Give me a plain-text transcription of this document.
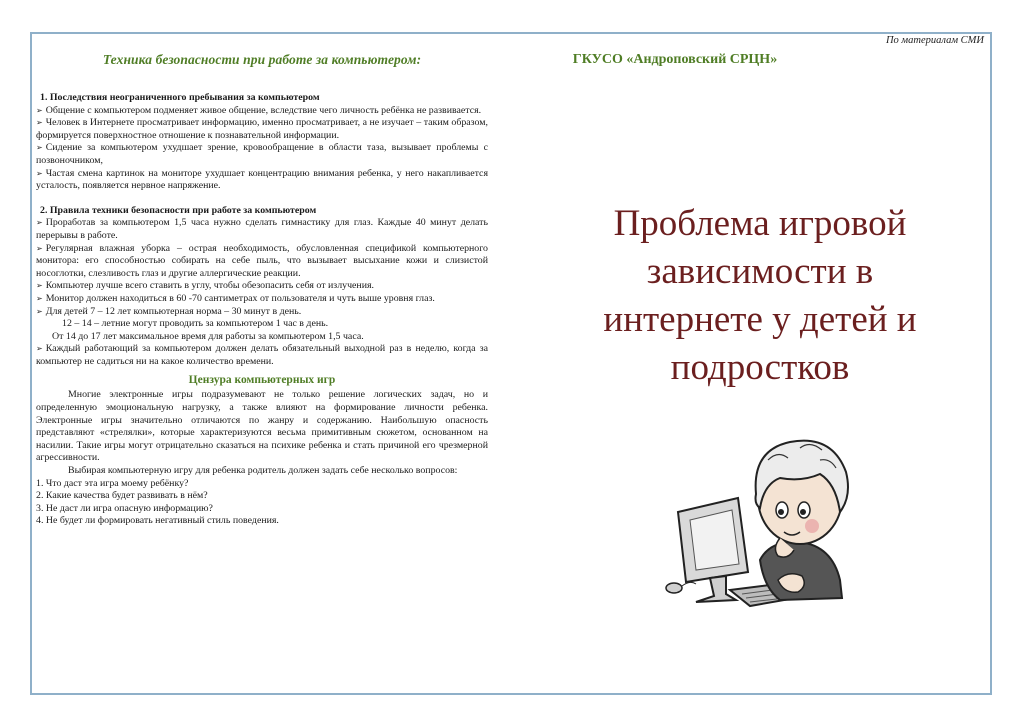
По материалам СМИ
Техника безопасности при работе за компьютером:
1. Последствия неограниченного пребывания за компьютером

➢ Общение с компьютером подменяет живое общение, вследствие чего личность ребёнка не развивается.

➢ Человек в Интернете просматривает информацию, именно просматривает, а не изучает – таким образом, формируется поверхностное отношение к познавательной информации.

➢ Сидение за компьютером ухудшает зрение, кровообращение в области таза, вызывает проблемы с позвоночником,

➢ Частая смена картинок на мониторе ухудшает концентрацию внимания ребенка, у него накапливается усталость, появляется нервное напряжение.

2. Правила техники безопасности при работе за компьютером

➢ Проработав за компьютером 1,5 часа нужно сделать гимнастику для глаз. Каждые 40 минут делать перерывы в работе.

➢ Регулярная влажная уборка – острая необходимость, обусловленная спецификой компьютерного монитора: его способностью собирать на себе пыль, что вызывает высыхание кожи и слизистой носоглотки, слезливость глаз и другие аллергические реакции.

➢ Компьютер лучше всего ставить в углу, чтобы обезопасить себя от излучения.

➢ Монитор должен находиться в 60 -70 сантиметрах от пользователя и чуть выше уровня глаз.

➢ Для детей 7 – 12 лет компьютерная норма – 30 минут в день.

12 – 14 – летние могут проводить за компьютером 1 час в день.

От 14 до 17 лет максимальное время для работы за компьютером 1,5 часа.

➢ Каждый работающий за компьютером должен делать обязательный выходной раз в неделю, когда за компьютер не садиться ни на какое количество времени.

Цензура компьютерных игр

Многие электронные игры подразумевают не только решение логических задач, но и определенную эмоциональную нагрузку, а также влияют на формирование личности ребенка. Электронные игры значительно отличаются по жанру и содержанию. Наибольшую опасность представляют «стрелялки», которые характеризуются весьма примитивным сюжетом, основанном на насилии. Такие игры могут отрицательно сказаться на психике ребенка и стать причиной его чрезмерной агрессивности.

Выбирая компьютерную игру для ребенка родитель должен задать себе несколько вопросов:

1. Что даст эта игра моему ребёнку?

2. Какие качества будет развивать в нём?

3. Не даст ли игра опасную информацию?

4. Не будет ли формировать негативный стиль поведения.

ГКУСО «Андроповский СРЦН»
Проблема игровой
зависимости в
интернете у детей и
подростков
